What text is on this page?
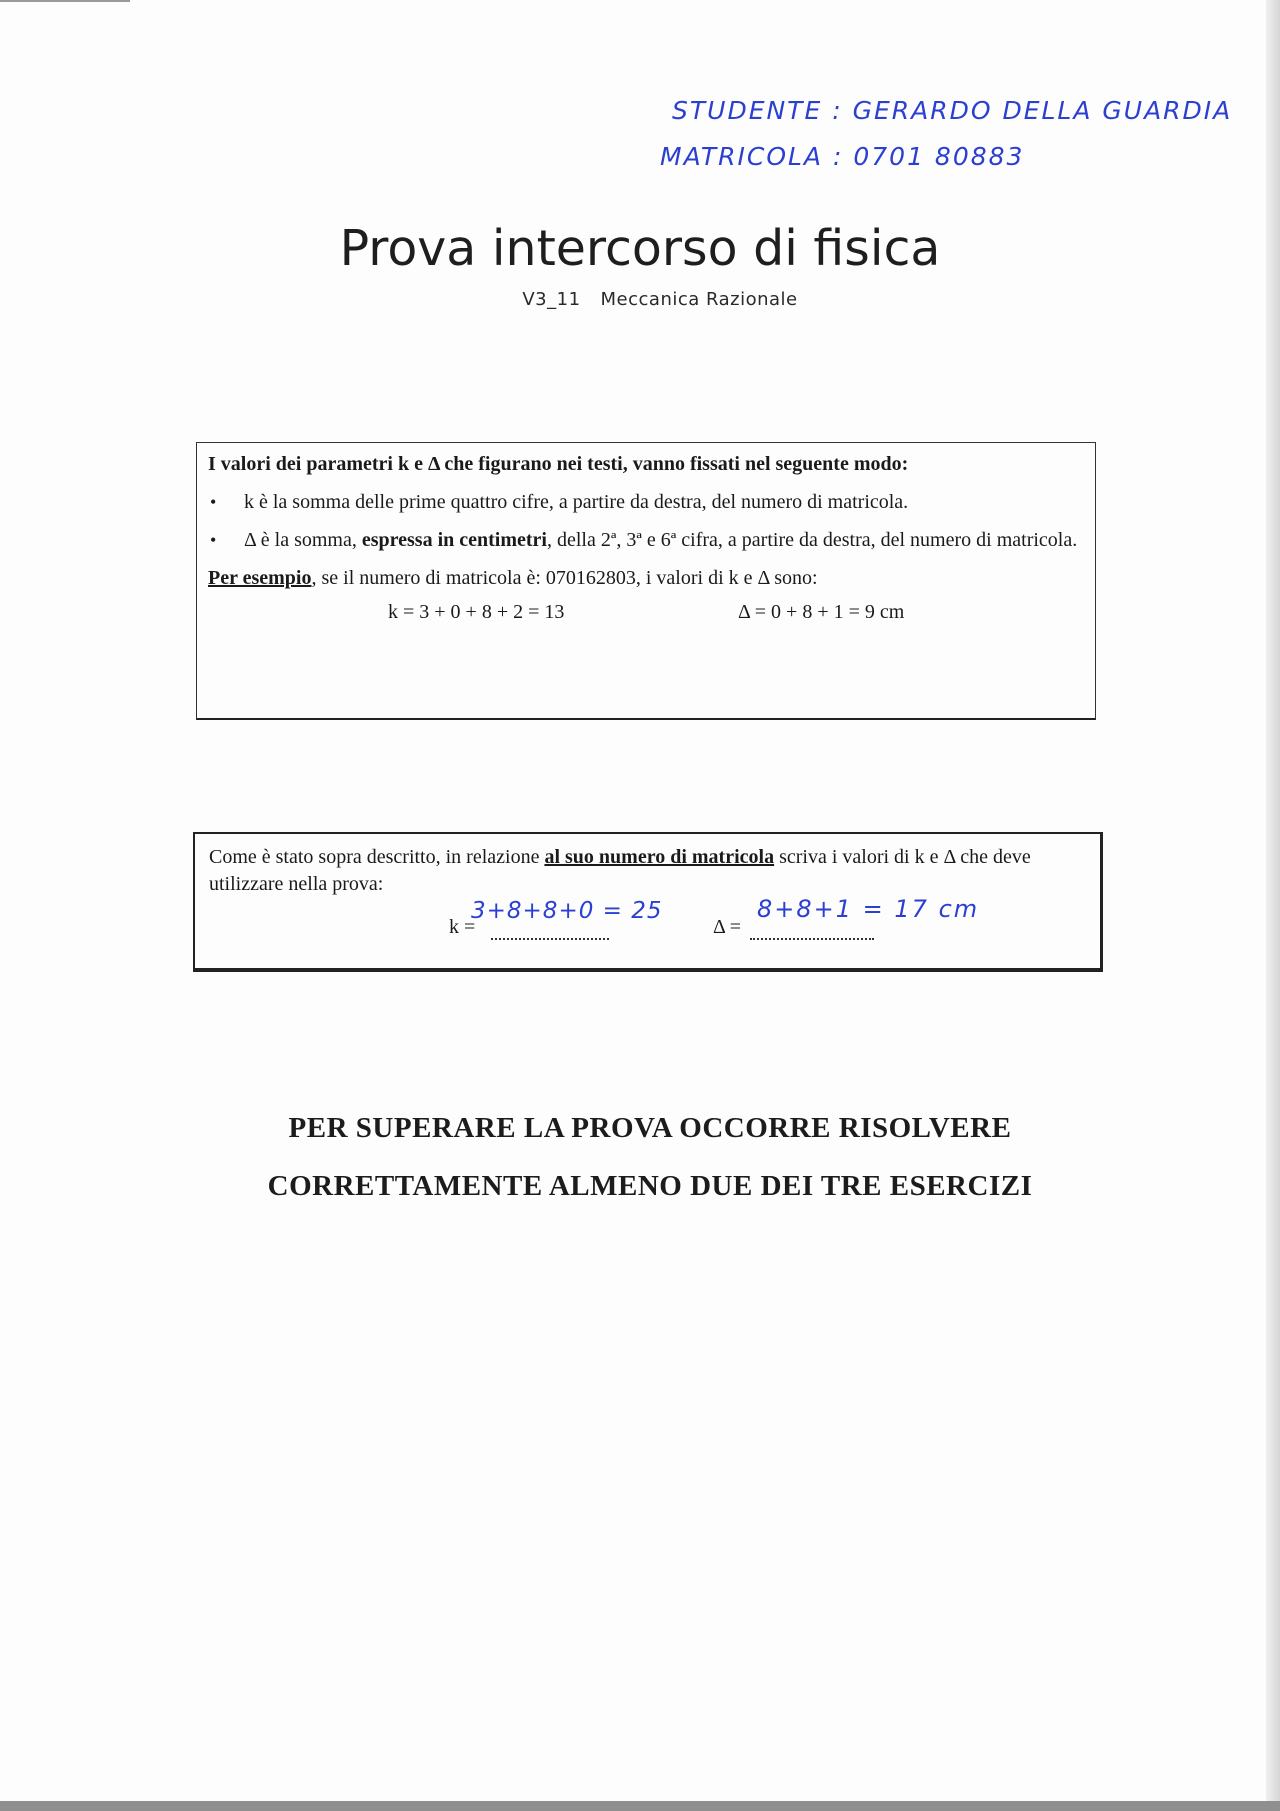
STUDENTE : GERARDO DELLA GUARDIA
MATRICOLA : 0701 80883
Prova intercorso di fisica
V3_11 Meccanica Razionale

I valori dei parametri k e Δ che figurano nei testi, vanno fissati nel seguente modo:

• k è la somma delle prime quattro cifre, a partire da destra, del numero di matricola.
• Δ è la somma, espressa in centimetri, della 2ª, 3ª e 6ª cifra, a partire da destra, del numero di matricola.
Per esempio, se il numero di matricola è: 070162803, i valori di k e Δ sono:
k = 3 + 0 + 8 + 2 = 13	Δ = 0 + 8 + 1 = 9 cm
Come è stato sopra descritto, in relazione al suo numero di matricola scriva i valori di k e Δ che deve utilizzare nella prova:
k =
3+8+8+0 = 25
Δ =
8+8+1 = 17 cm
PER SUPERARE LA PROVA OCCORRE RISOLVERE
CORRETTAMENTE ALMENO DUE DEI TRE ESERCIZI
